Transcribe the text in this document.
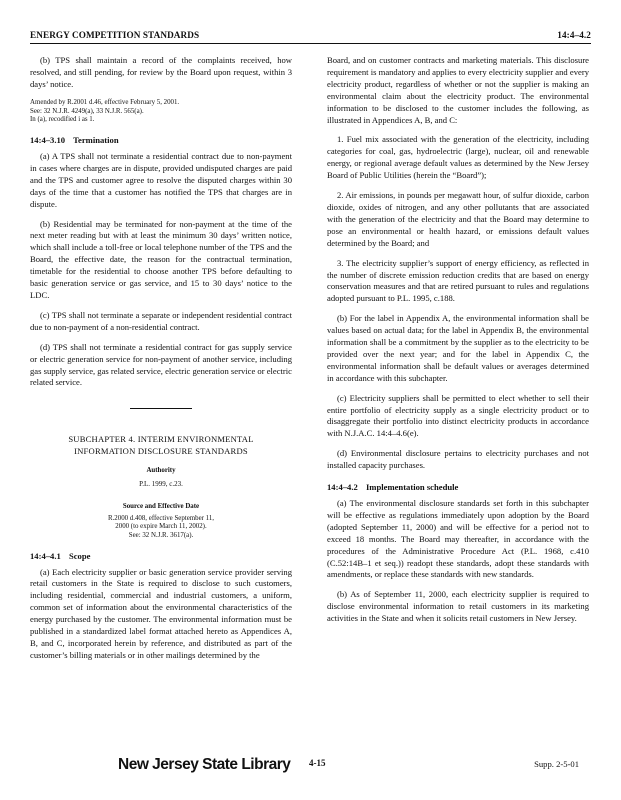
ENERGY COMPETITION STANDARDS	14:4–4.2

(b) TPS shall maintain a record of the complaints received, how resolved, and still pending, for review by the Board upon request, within 3 days’ notice.

Amended by R.2001 d.46, effective February 5, 2001.
See: 32 N.J.R. 4249(a), 33 N.J.R. 565(a).
In (a), recodified i as 1.
14:4–3.10 Termination

(a) A TPS shall not terminate a residential contract due to non-payment in cases where charges are in dispute, provided undisputed charges are paid and the TPS and customer agree to resolve the disputed charges within 30 days of the time that a customer has notified the TPS that charges are in dispute.

(b) Residential may be terminated for non-payment at the time of the next meter reading but with at least the minimum 30 days’ written notice, which shall include a toll-free or local telephone number of the TPS and the Board, the effective date, the reason for the contractual termination, timetable for the residential to choose another TPS before defaulting to basic generation service or gas service, and 15 to 30 days’ notice to the LDC.

(c) TPS shall not terminate a separate or independent residential contract due to non-payment of a non-residential contract.

(d) TPS shall not terminate a residential contract for gas supply service or electric generation service for non-payment of another service, including gas supply service, gas related service, electric generation service or electric related service.

SUBCHAPTER 4. INTERIM ENVIRONMENTAL
INFORMATION DISCLOSURE STANDARDS
Authority
P.L. 1999, c.23.
Source and Effective Date
R.2000 d.408, effective September 11,
2000 (to expire March 11, 2002).
See: 32 N.J.R. 3617(a).
14:4–4.1 Scope

(a) Each electricity supplier or basic generation service provider serving retail customers in the State is required to disclose to such customers, including residential, commercial and industrial customers, a uniform, common set of information about the environmental characteristics of the energy purchased by the customer. The environmental information must be published in a standardized label format attached hereto as Appendices A, B, and C, incorporated herein by reference, and distributed as part of the customer’s billing materials or in other mailings determined by the

Board, and on customer contracts and marketing materials. This disclosure requirement is mandatory and applies to every electricity supplier and every electricity product, regardless of whether or not the supplier is making an environmental claim about the electricity product. The environmental information to be disclosed to the customer includes the following, as illustrated in Appendices A, B, and C:

1. Fuel mix associated with the generation of the electricity, including categories for coal, gas, hydroelectric (large), nuclear, oil and renewable energy, or regional average default values as determined by the New Jersey Board of Public Utilities (herein the “Board”);

2. Air emissions, in pounds per megawatt hour, of sulfur dioxide, carbon dioxide, oxides of nitrogen, and any other pollutants that are associated with the generation of the electricity and that the Board may determine to pose an environmental or health hazard, or emissions default values determined by the Board; and

3. The electricity supplier’s support of energy efficiency, as reflected in the number of discrete emission reduction credits that are based on energy conservation measures and that are retired pursuant to rules and regulations adopted pursuant to P.L. 1995, c.188.

(b) For the label in Appendix A, the environmental information shall be values based on actual data; for the label in Appendix B, the environmental information shall be a commitment by the supplier as to the electricity to be provided over the next year; and for the label in Appendix C, the environmental information shall be default values or averages determined in accordance with this subchapter.

(c) Electricity suppliers shall be permitted to elect whether to sell their entire portfolio of electricity supply as a single electricity product or to disaggregate their portfolio into distinct electricity products in accordance with N.J.A.C. 14:4–4.6(e).

(d) Environmental disclosure pertains to electricity purchases and not installed capacity purchases.

14:4–4.2 Implementation schedule

(a) The environmental disclosure standards set forth in this subchapter will be effective as regulations immediately upon adoption by the Board (adopted September 11, 2000) and will be effective for a period not to exceed 18 months. The Board may thereafter, in accordance with the procedures of the Administrative Procedure Act (P.L. 1968, c.410 (C.52:14B–1 et seq.)) readopt these standards, adopt these standards with amendments, or replace these standards with new standards.

(b) As of September 11, 2000, each electricity supplier is required to disclose environmental information to retail customers in its marketing activities in the State and when it solicits retail customers in New Jersey.

New Jersey State Library 4-15	Supp. 2-5-01
